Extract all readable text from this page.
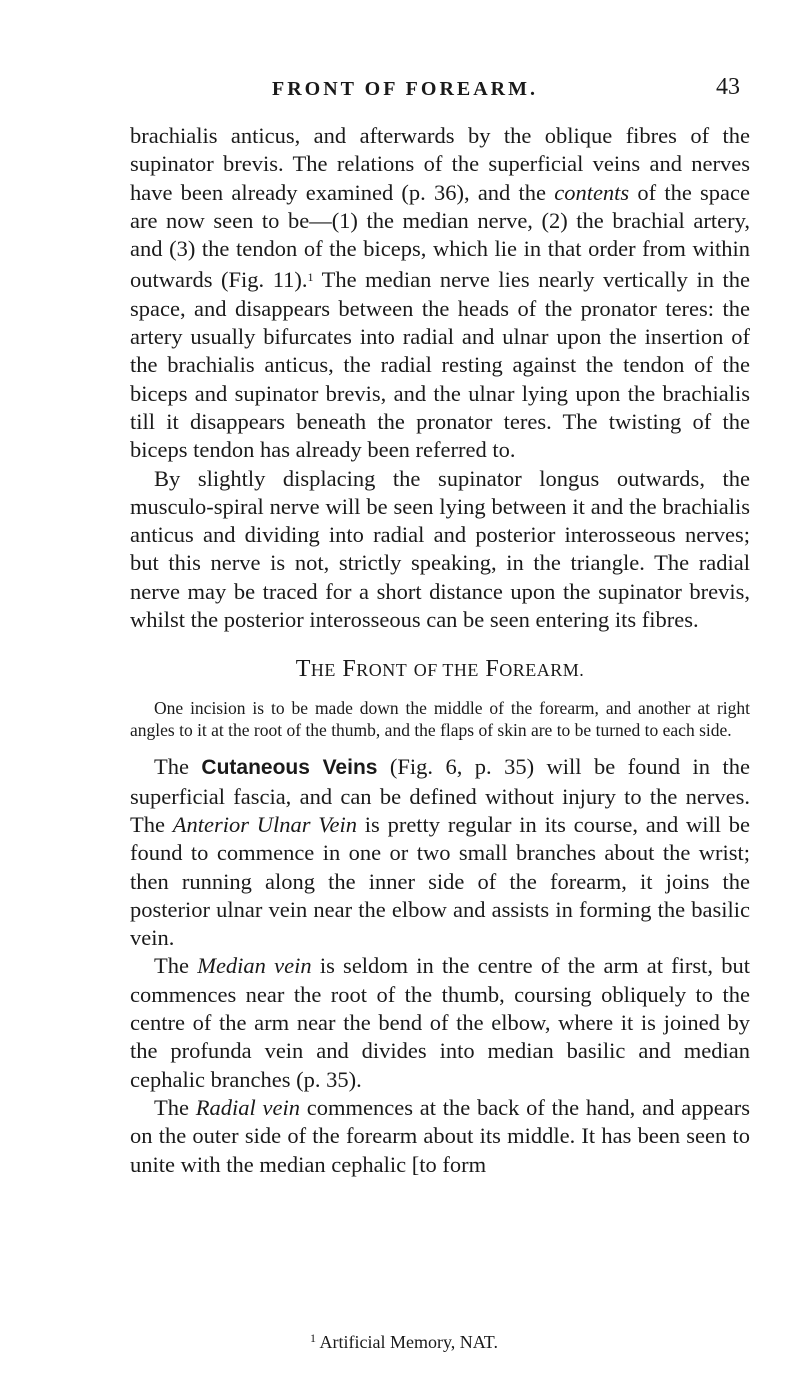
FRONT OF FOREARM.	43

brachialis anticus, and afterwards by the oblique fibres of the supinator brevis. The relations of the superficial veins and nerves have been already examined (p. 36), and the contents of the space are now seen to be—(1) the median nerve, (2) the brachial artery, and (3) the tendon of the biceps, which lie in that order from within outwards (Fig. 11).$^1$ The median nerve lies nearly vertically in the space, and disappears between the heads of the pronator teres: the artery usually bifurcates into radial and ulnar upon the insertion of the brachialis anticus, the radial resting against the tendon of the biceps and supinator brevis, and the ulnar lying upon the brachialis till it disappears beneath the pronator teres. The twisting of the biceps tendon has already been referred to.

By slightly displacing the supinator longus outwards, the musculo-spiral nerve will be seen lying between it and the brachialis anticus and dividing into radial and posterior interosseous nerves; but this nerve is not, strictly speaking, in the triangle. The radial nerve may be traced for a short distance upon the supinator brevis, whilst the posterior interosseous can be seen entering its fibres.

THE FRONT OF THE FOREARM.

One incision is to be made down the middle of the forearm, and another at right angles to it at the root of the thumb, and the flaps of skin are to be turned to each side.

The Cutaneous Veins (Fig. 6, p. 35) will be found in the superficial fascia, and can be defined without injury to the nerves. The Anterior Ulnar Vein is pretty regular in its course, and will be found to commence in one or two small branches about the wrist; then running along the inner side of the forearm, it joins the posterior ulnar vein near the elbow and assists in forming the basilic vein.

The Median vein is seldom in the centre of the arm at first, but commences near the root of the thumb, coursing obliquely to the centre of the arm near the bend of the elbow, where it is joined by the profunda vein and divides into median basilic and median cephalic branches (p. 35).

The Radial vein commences at the back of the hand, and appears on the outer side of the forearm about its middle. It has been seen to unite with the median cephalic [to form

$^1$ Artificial Memory, NAT.
